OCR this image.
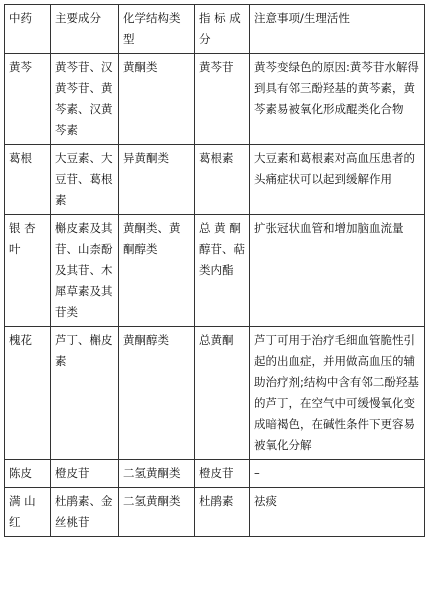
中药	主要成分	化学结构类型	指 标 成 分	注意事项/生理活性
黄芩	黄芩苷、汉黄芩苷、黄芩素、汉黄芩素	黄酮类	黄芩苷	黄芩变绿色的原因:黄芩苷水解得到具有邻三酚羟基的黄芩素，黄芩素易被氧化形成醌类化合物
葛根	大豆素、大豆苷、葛根素	异黄酮类	葛根素	大豆素和葛根素对高血压患者的头痛症状可以起到缓解作用
银 杏 叶	槲皮素及其苷、山柰酚及其苷、木犀草素及其苷类	黄酮类、黄酮醇类	总 黄 酮 醇苷、萜类内酯	扩张冠状血管和增加脑血流量
槐花	芦丁、槲皮素	黄酮醇类	总黄酮	芦丁可用于治疗毛细血管脆性引起的出血症，并用做高血压的辅助治疗剂;结构中含有邻二酚羟基的芦丁，在空气中可缓慢氧化变成暗褐色，在碱性条件下更容易被氧化分解
陈皮	橙皮苷	二氢黄酮类	橙皮苷	–
满 山 红	杜鹃素、金丝桃苷	二氢黄酮类	杜鹃素	祛痰
